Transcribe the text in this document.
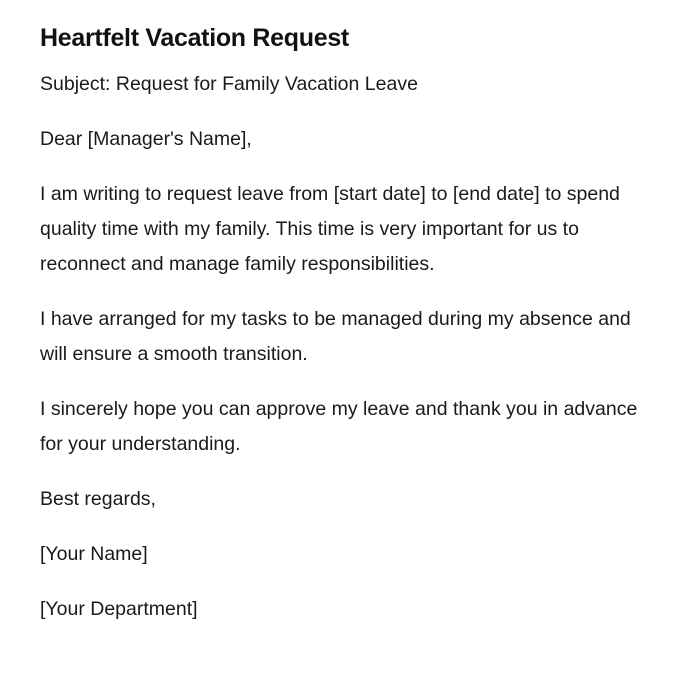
Heartfelt Vacation Request

Subject: Request for Family Vacation Leave

Dear [Manager's Name],

I am writing to request leave from [start date] to [end date] to spend quality time with my family. This time is very important for us to reconnect and manage family responsibilities.

I have arranged for my tasks to be managed during my absence and will ensure a smooth transition.

I sincerely hope you can approve my leave and thank you in advance for your understanding.

Best regards,

[Your Name]

[Your Department]
